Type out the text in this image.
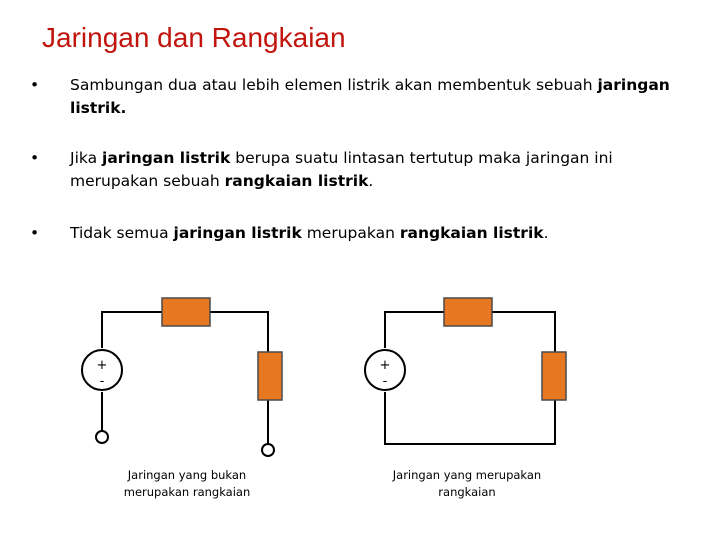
Jaringan dan Rangkaian
• Sambungan dua atau lebih elemen listrik akan membentuk sebuah jaringan listrik.
• Jika jaringan listrik berupa suatu lintasan tertutup maka jaringan ini merupakan sebuah rangkaian listrik.
• Tidak semua jaringan listrik merupakan rangkaian listrik.
+
-
+
-
Jaringan yang bukan
merupakan rangkaian
Jaringan yang merupakan
rangkaian
